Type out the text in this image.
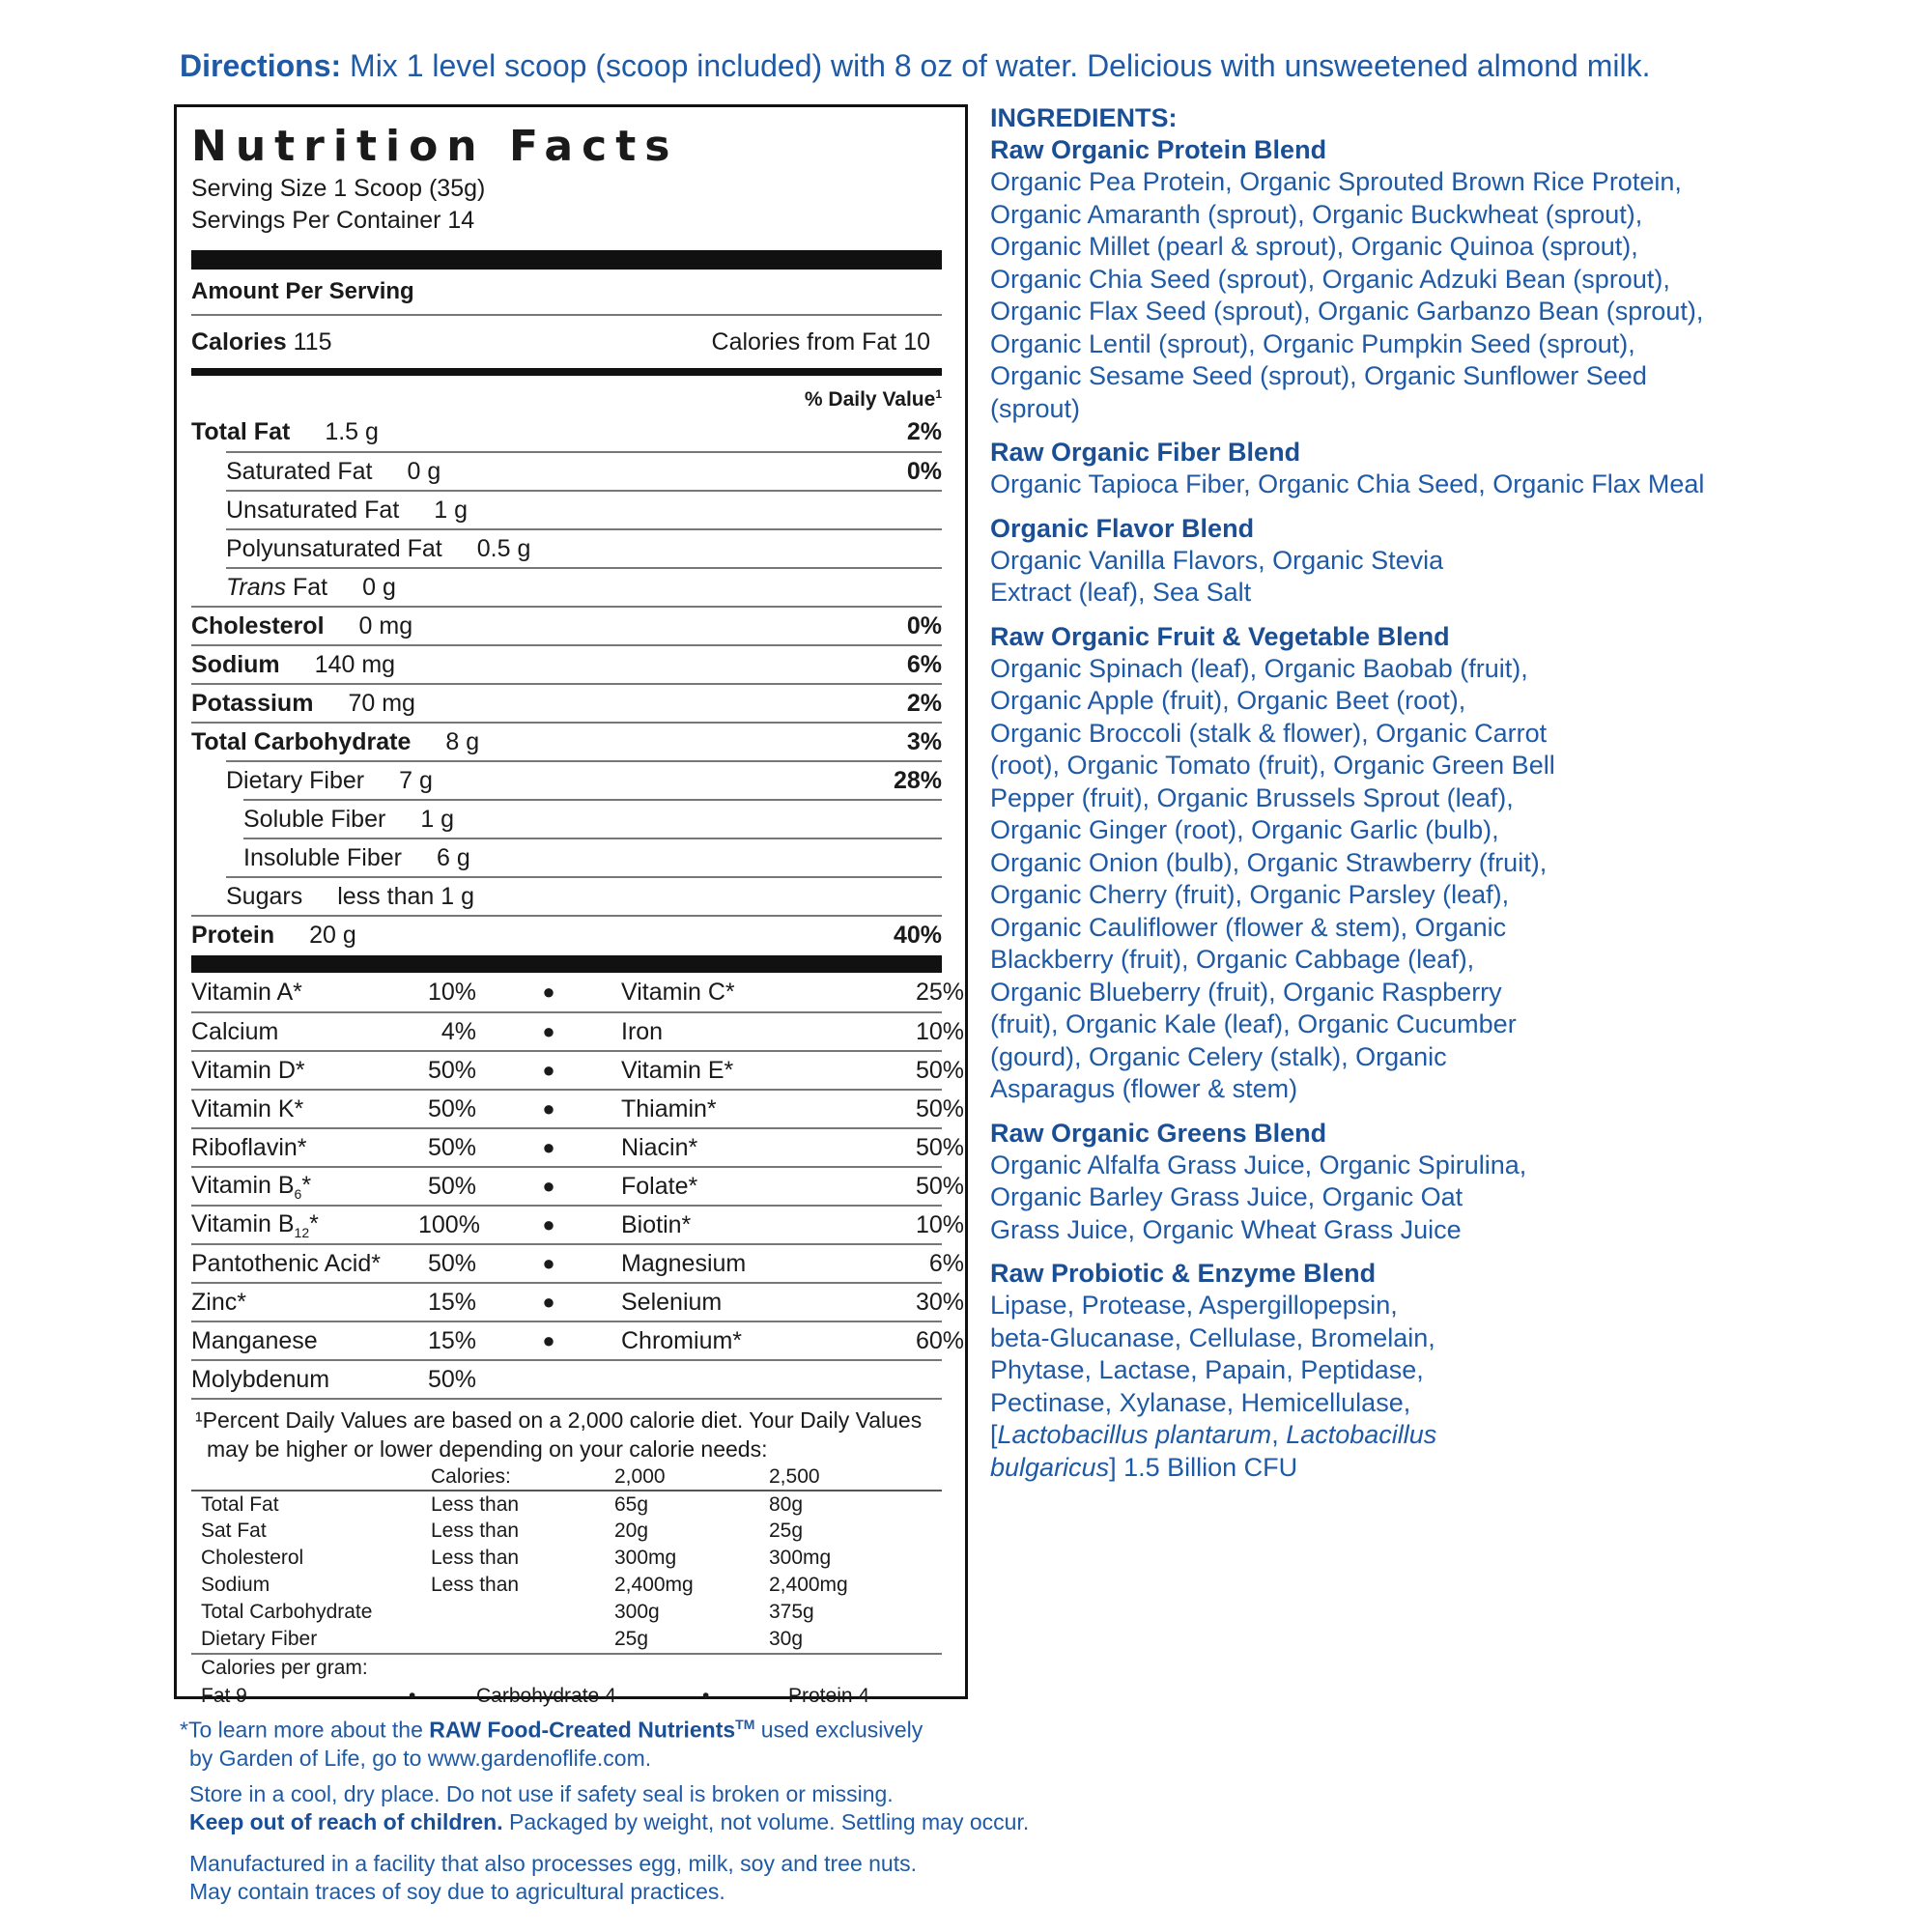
Directions: Mix 1 level scoop (scoop included) with 8 oz of water. Delicious with unsweetened almond milk.
Nutrition Facts
Serving Size 1 Scoop (35g)
Servings Per Container 14
Amount Per Serving
Calories 115	Calories from Fat 10
% Daily Value$^1$
Total Fat 1.5 g	2%
Saturated Fat 0 g	0%
Unsaturated Fat 1 g
Polyunsaturated Fat 0.5 g
Trans Fat 0 g
Cholesterol 0 mg	0%
Sodium 140 mg	6%
Potassium 70 mg	2%
Total Carbohydrate 8 g	3%
Dietary Fiber 7 g	28%
Soluble Fiber 1 g
Insoluble Fiber 6 g
Sugars less than 1 g
Protein 20 g	40%
Vitamin A*	10%	●	Vitamin C*	25%
Calcium	4%	●	Iron	10%
Vitamin D*	50%	●	Vitamin E*	50%
Vitamin K*	50%	●	Thiamin*	50%
Riboflavin*	50%	●	Niacin*	50%
Vitamin $B_6*$	50%	●	Folate*	50%
Vitamin $B_{12}*$	100%	●	Biotin*	10%
Pantothenic Acid*	50%	●	Magnesium	6%
Zinc*	15%	●	Selenium	30%
Manganese	15%	●	Chromium*	60%
Molybdenum	50%
¹Percent Daily Values are based on a 2,000 calorie diet. Your Daily Values
may be higher or lower depending on your calorie needs:
	Calories:	2,000	2,500
Total Fat	Less than	65g	80g
Sat Fat	Less than	20g	25g
Cholesterol	Less than	300mg	300mg
Sodium	Less than	2,400mg	2,400mg
Total Carbohydrate		300g	375g
Dietary Fiber		25g	30g
Calories per gram:
Fat 9	•	Carbohydrate 4	•	Protein 4
INGREDIENTS:
Raw Organic Protein Blend
Organic Pea Protein, Organic Sprouted Brown Rice Protein,
Organic Amaranth (sprout), Organic Buckwheat (sprout),
Organic Millet (pearl & sprout), Organic Quinoa (sprout),
Organic Chia Seed (sprout), Organic Adzuki Bean (sprout),
Organic Flax Seed (sprout), Organic Garbanzo Bean (sprout),
Organic Lentil (sprout), Organic Pumpkin Seed (sprout),
Organic Sesame Seed (sprout), Organic Sunflower Seed (sprout)
Raw Organic Fiber Blend
Organic Tapioca Fiber, Organic Chia Seed, Organic Flax Meal
Organic Flavor Blend
Organic Vanilla Flavors, Organic Stevia
Extract (leaf), Sea Salt
Raw Organic Fruit & Vegetable Blend
Organic Spinach (leaf), Organic Baobab (fruit),
Organic Apple (fruit), Organic Beet (root),
Organic Broccoli (stalk & flower), Organic Carrot
(root), Organic Tomato (fruit), Organic Green Bell
Pepper (fruit), Organic Brussels Sprout (leaf),
Organic Ginger (root), Organic Garlic (bulb),
Organic Onion (bulb), Organic Strawberry (fruit),
Organic Cherry (fruit), Organic Parsley (leaf),
Organic Cauliflower (flower & stem), Organic
Blackberry (fruit), Organic Cabbage (leaf),
Organic Blueberry (fruit), Organic Raspberry
(fruit), Organic Kale (leaf), Organic Cucumber
(gourd), Organic Celery (stalk), Organic
Asparagus (flower & stem)
Raw Organic Greens Blend
Organic Alfalfa Grass Juice, Organic Spirulina,
Organic Barley Grass Juice, Organic Oat
Grass Juice, Organic Wheat Grass Juice
Raw Probiotic & Enzyme Blend
Lipase, Protease, Aspergillopepsin,
beta-Glucanase, Cellulase, Bromelain,
Phytase, Lactase, Papain, Peptidase,
Pectinase, Xylanase, Hemicellulase,
[Lactobacillus plantarum, Lactobacillus
bulgaricus] 1.5 Billion CFU
*To learn more about the RAW Food-Created Nutrients™ used exclusively
by Garden of Life, go to www.gardenoflife.com.
Store in a cool, dry place. Do not use if safety seal is broken or missing.
Keep out of reach of children. Packaged by weight, not volume. Settling may occur.
Manufactured in a facility that also processes egg, milk, soy and tree nuts.
May contain traces of soy due to agricultural practices.
